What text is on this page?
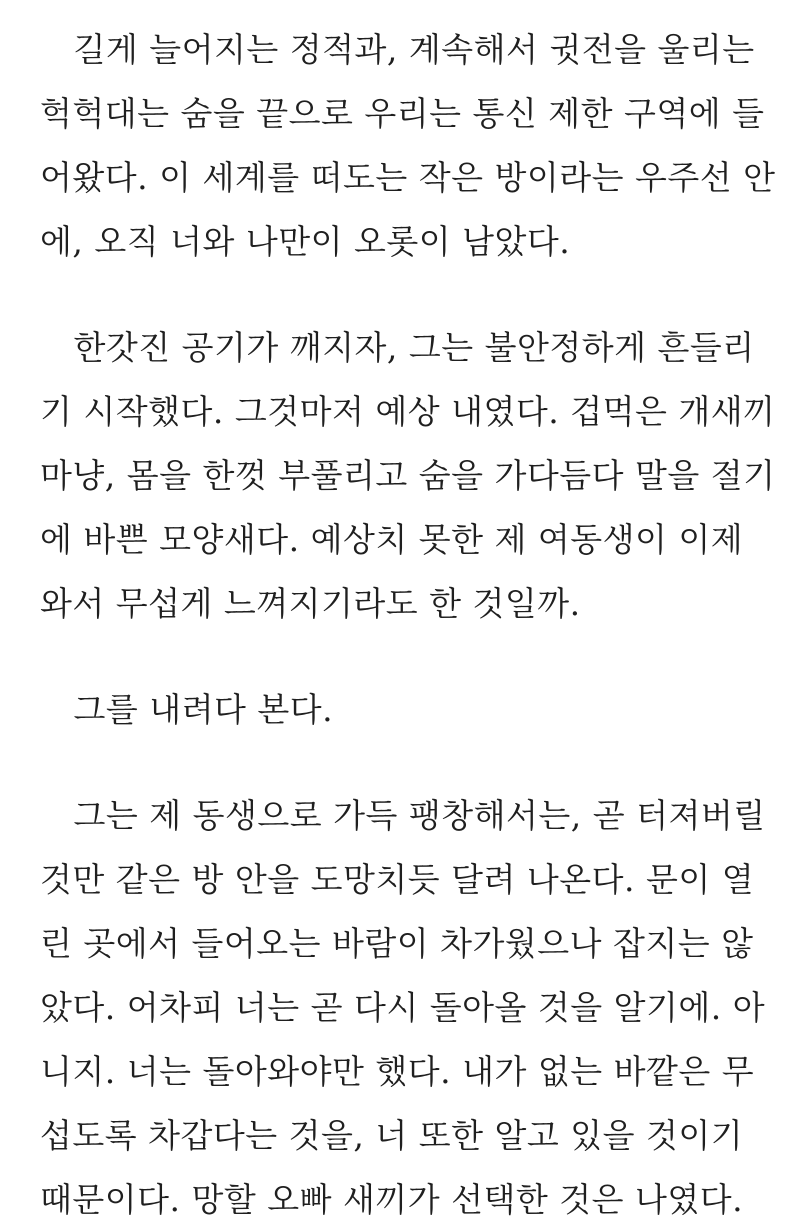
　길게 늘어지는 정적과, 계속해서 귓전을 울리는
헉헉대는 숨을 끝으로 우리는 통신 제한 구역에 들
어왔다. 이 세계를 떠도는 작은 방이라는 우주선 안
에, 오직 너와 나만이 오롯이 남았다.
　한갓진 공기가 깨지자, 그는 불안정하게 흔들리
기 시작했다. 그것마저 예상 내였다. 겁먹은 개새끼
마냥, 몸을 한껏 부풀리고 숨을 가다듬다 말을 절기
에 바쁜 모양새다. 예상치 못한 제 여동생이 이제
와서 무섭게 느껴지기라도 한 것일까.
　그를 내려다 본다.
　그는 제 동생으로 가득 팽창해서는, 곧 터져버릴
것만 같은 방 안을 도망치듯 달려 나온다. 문이 열
린 곳에서 들어오는 바람이 차가웠으나 잡지는 않
았다. 어차피 너는 곧 다시 돌아올 것을 알기에. 아
니지. 너는 돌아와야만 했다. 내가 없는 바깥은 무
섭도록 차갑다는 것을, 너 또한 알고 있을 것이기
때문이다. 망할 오빠 새끼가 선택한 것은 나였다.
